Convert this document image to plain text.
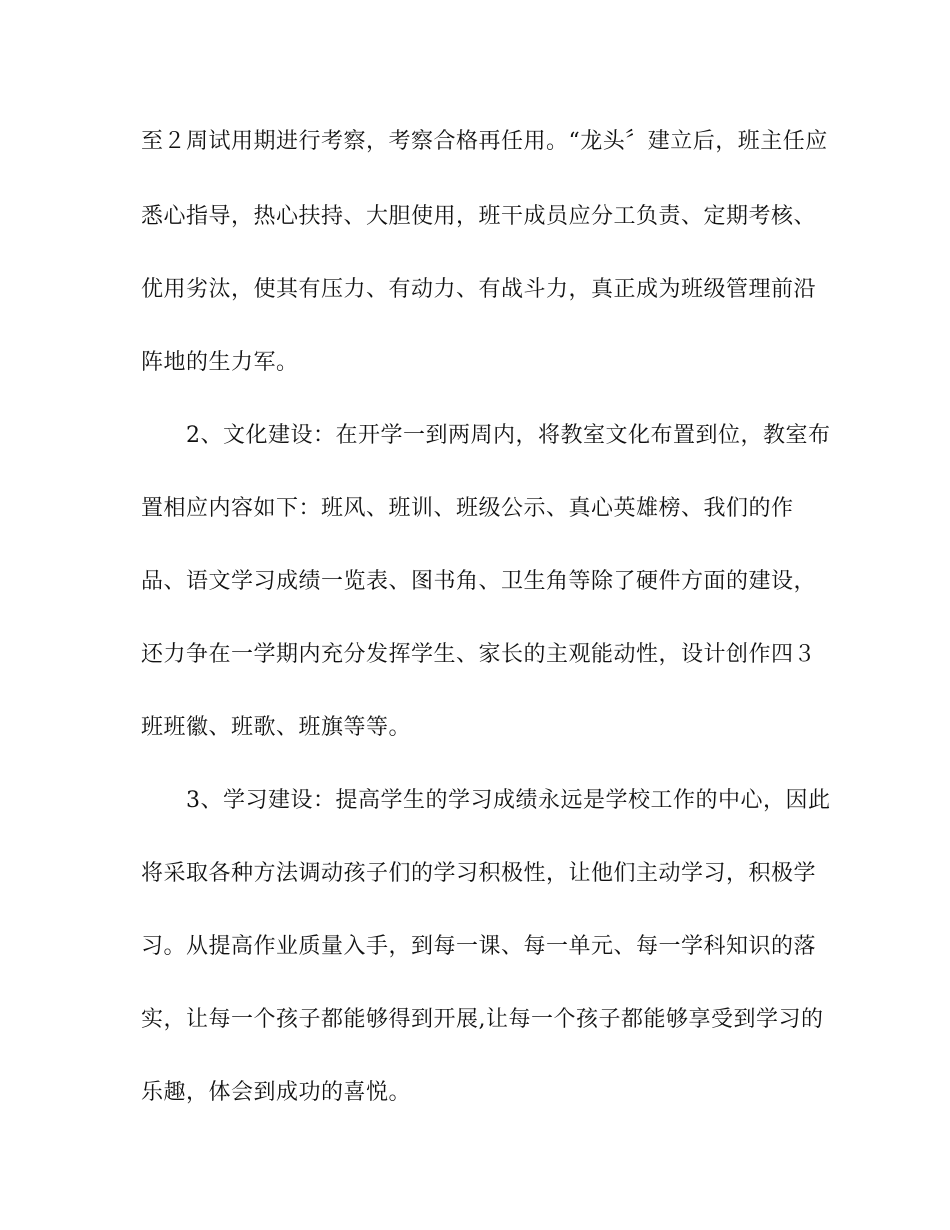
至２周试用期进行考察，考察合格再任用。“龙头〞建立后，班主任应
悉心指导，热心扶持、大胆使用，班干成员应分工负责、定期考核、
优用劣汰，使其有压力、有动力、有战斗力，真正成为班级管理前沿
阵地的生力军。
2、文化建设：在开学一到两周内，将教室文化布置到位，教室布
置相应内容如下：班风、班训、班级公示、真心英雄榜、我们的作
品、语文学习成绩一览表、图书角、卫生角等除了硬件方面的建设，
还力争在一学期内充分发挥学生、家长的主观能动性，设计创作四３
班班徽、班歌、班旗等等。
3、学习建设：提高学生的学习成绩永远是学校工作的中心，因此
将采取各种方法调动孩子们的学习积极性，让他们主动学习，积极学
习。从提高作业质量入手，到每一课、每一单元、每一学科知识的落
实，让每一个孩子都能够得到开展,让每一个孩子都能够享受到学习的
乐趣，体会到成功的喜悦。
